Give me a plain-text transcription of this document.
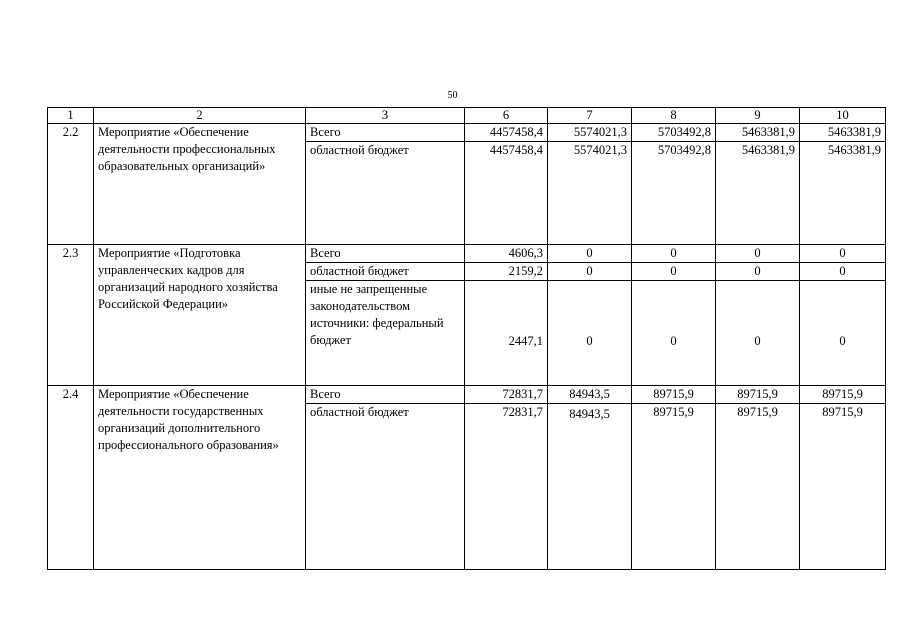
50
1	2	3	6	7	8	9	10
2.2	Мероприятие «Обеспечение деятельности профессиональных образовательных организаций»	Всего	4457458,4	5574021,3	5703492,8	5463381,9	5463381,9
		областной бюджет	4457458,4	5574021,3	5703492,8	5463381,9	5463381,9
2.3	Мероприятие «Подготовка управленческих кадров для организаций народного хозяйства Российской Федерации»	Всего	4606,3	0	0	0	0
		областной бюджет	2159,2	0	0	0	0
		иные не запрещенные законодательством источники: федеральный бюджет	2447,1	0	0	0	0
2.4	Мероприятие «Обеспечение деятельности государственных организаций дополнительного профессионального образования»	Всего	72831,7	84943,5	89715,9	89715,9	89715,9
		областной бюджет	72831,7	84943,5	89715,9	89715,9	89715,9
